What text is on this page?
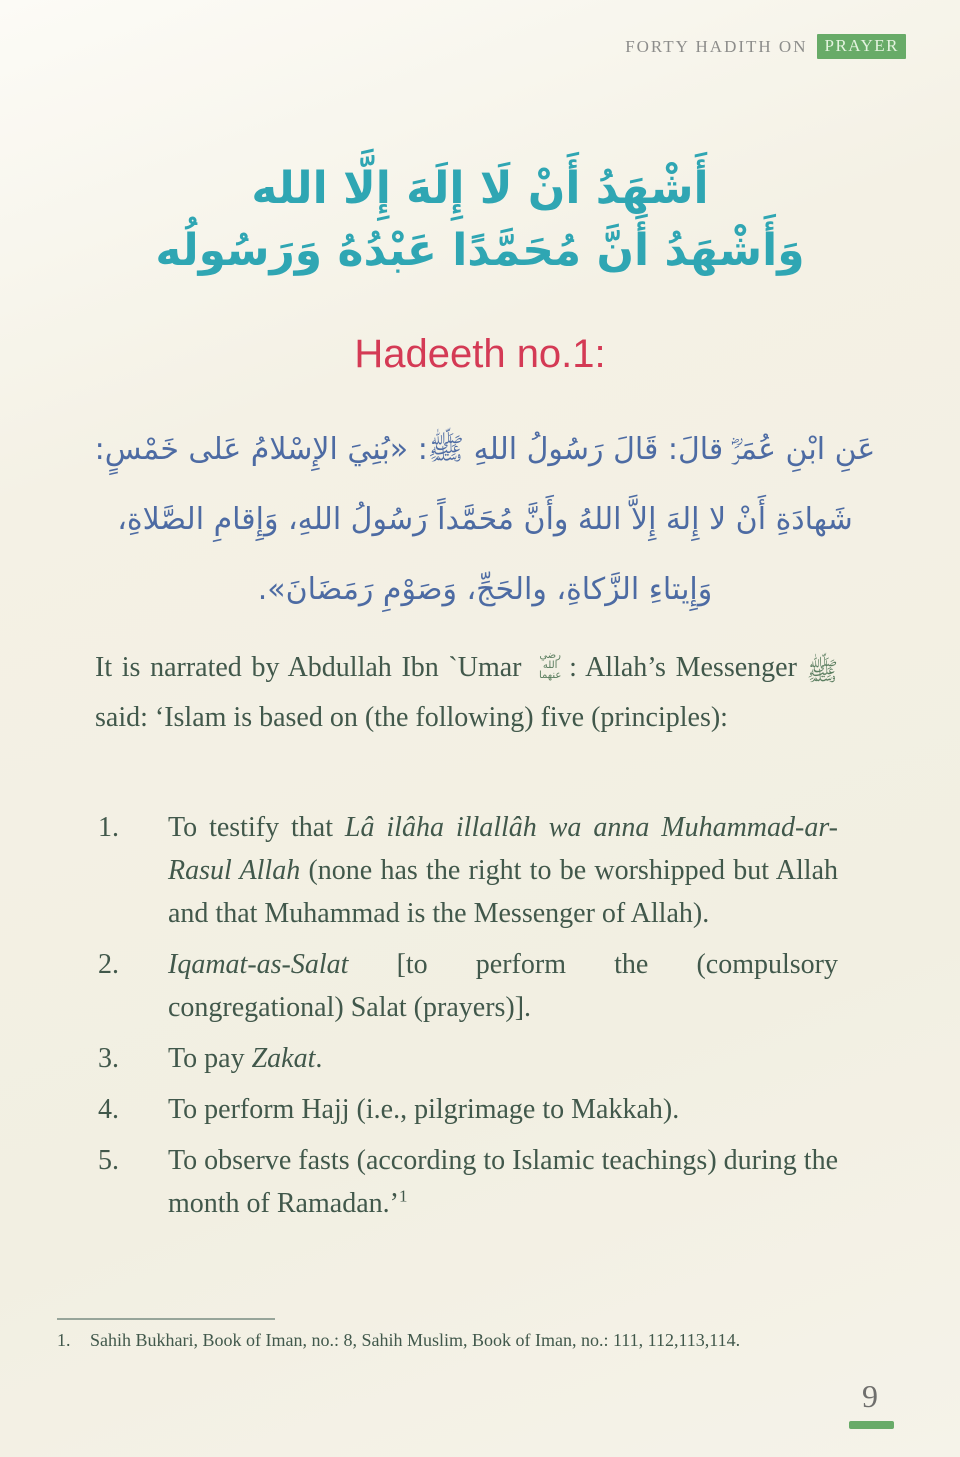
FORTY HADITH ON	PRAYER
أَشْهَدُ أَنْ لَا إِلَهَ إِلَّا الله
وَأَشْهَدُ أَنَّ مُحَمَّدًا عَبْدُهُ وَرَسُولُه
Hadeeth no.1:
عَنِ ابْنِ عُمَرَؓ قالَ: قَالَ رَسُولُ اللهِ ﷺ: «بُنِيَ الإِسْلامُ عَلى خَمْسٍ:
شَهادَةِ أَنْ لا إِلهَ إِلاَّ اللهُ وأَنَّ مُحَمَّداً رَسُولُ اللهِ، وَإِقامِ الصَّلاةِ،
وَإِيتاءِ الزَّكاةِ، والحَجِّ، وَصَوْمِ رَمَضَانَ».

It is narrated by Abdullah Ibn `Umar رضي الله عنهما : Allah’s Messenger ﷺ said: ‘Islam is based on (the following) five (principles):

1.	To testify that Lâ ilâha illallâh wa anna Muhammad-ar-Rasul Allah (none has the right to be worshipped but Allah and that Muhammad is the Messenger of Allah).
2.	Iqamat-as-Salat [to perform the (compulsory congregational) Salat (prayers)].
3.	To pay Zakat.
4.	To perform Hajj (i.e., pilgrimage to Makkah).
5.	To observe fasts (according to Islamic teachings) during the month of Ramadan.’$^1$
1.	Sahih Bukhari, Book of Iman, no.: 8, Sahih Muslim, Book of Iman, no.: 111, 112,113,114.
9
